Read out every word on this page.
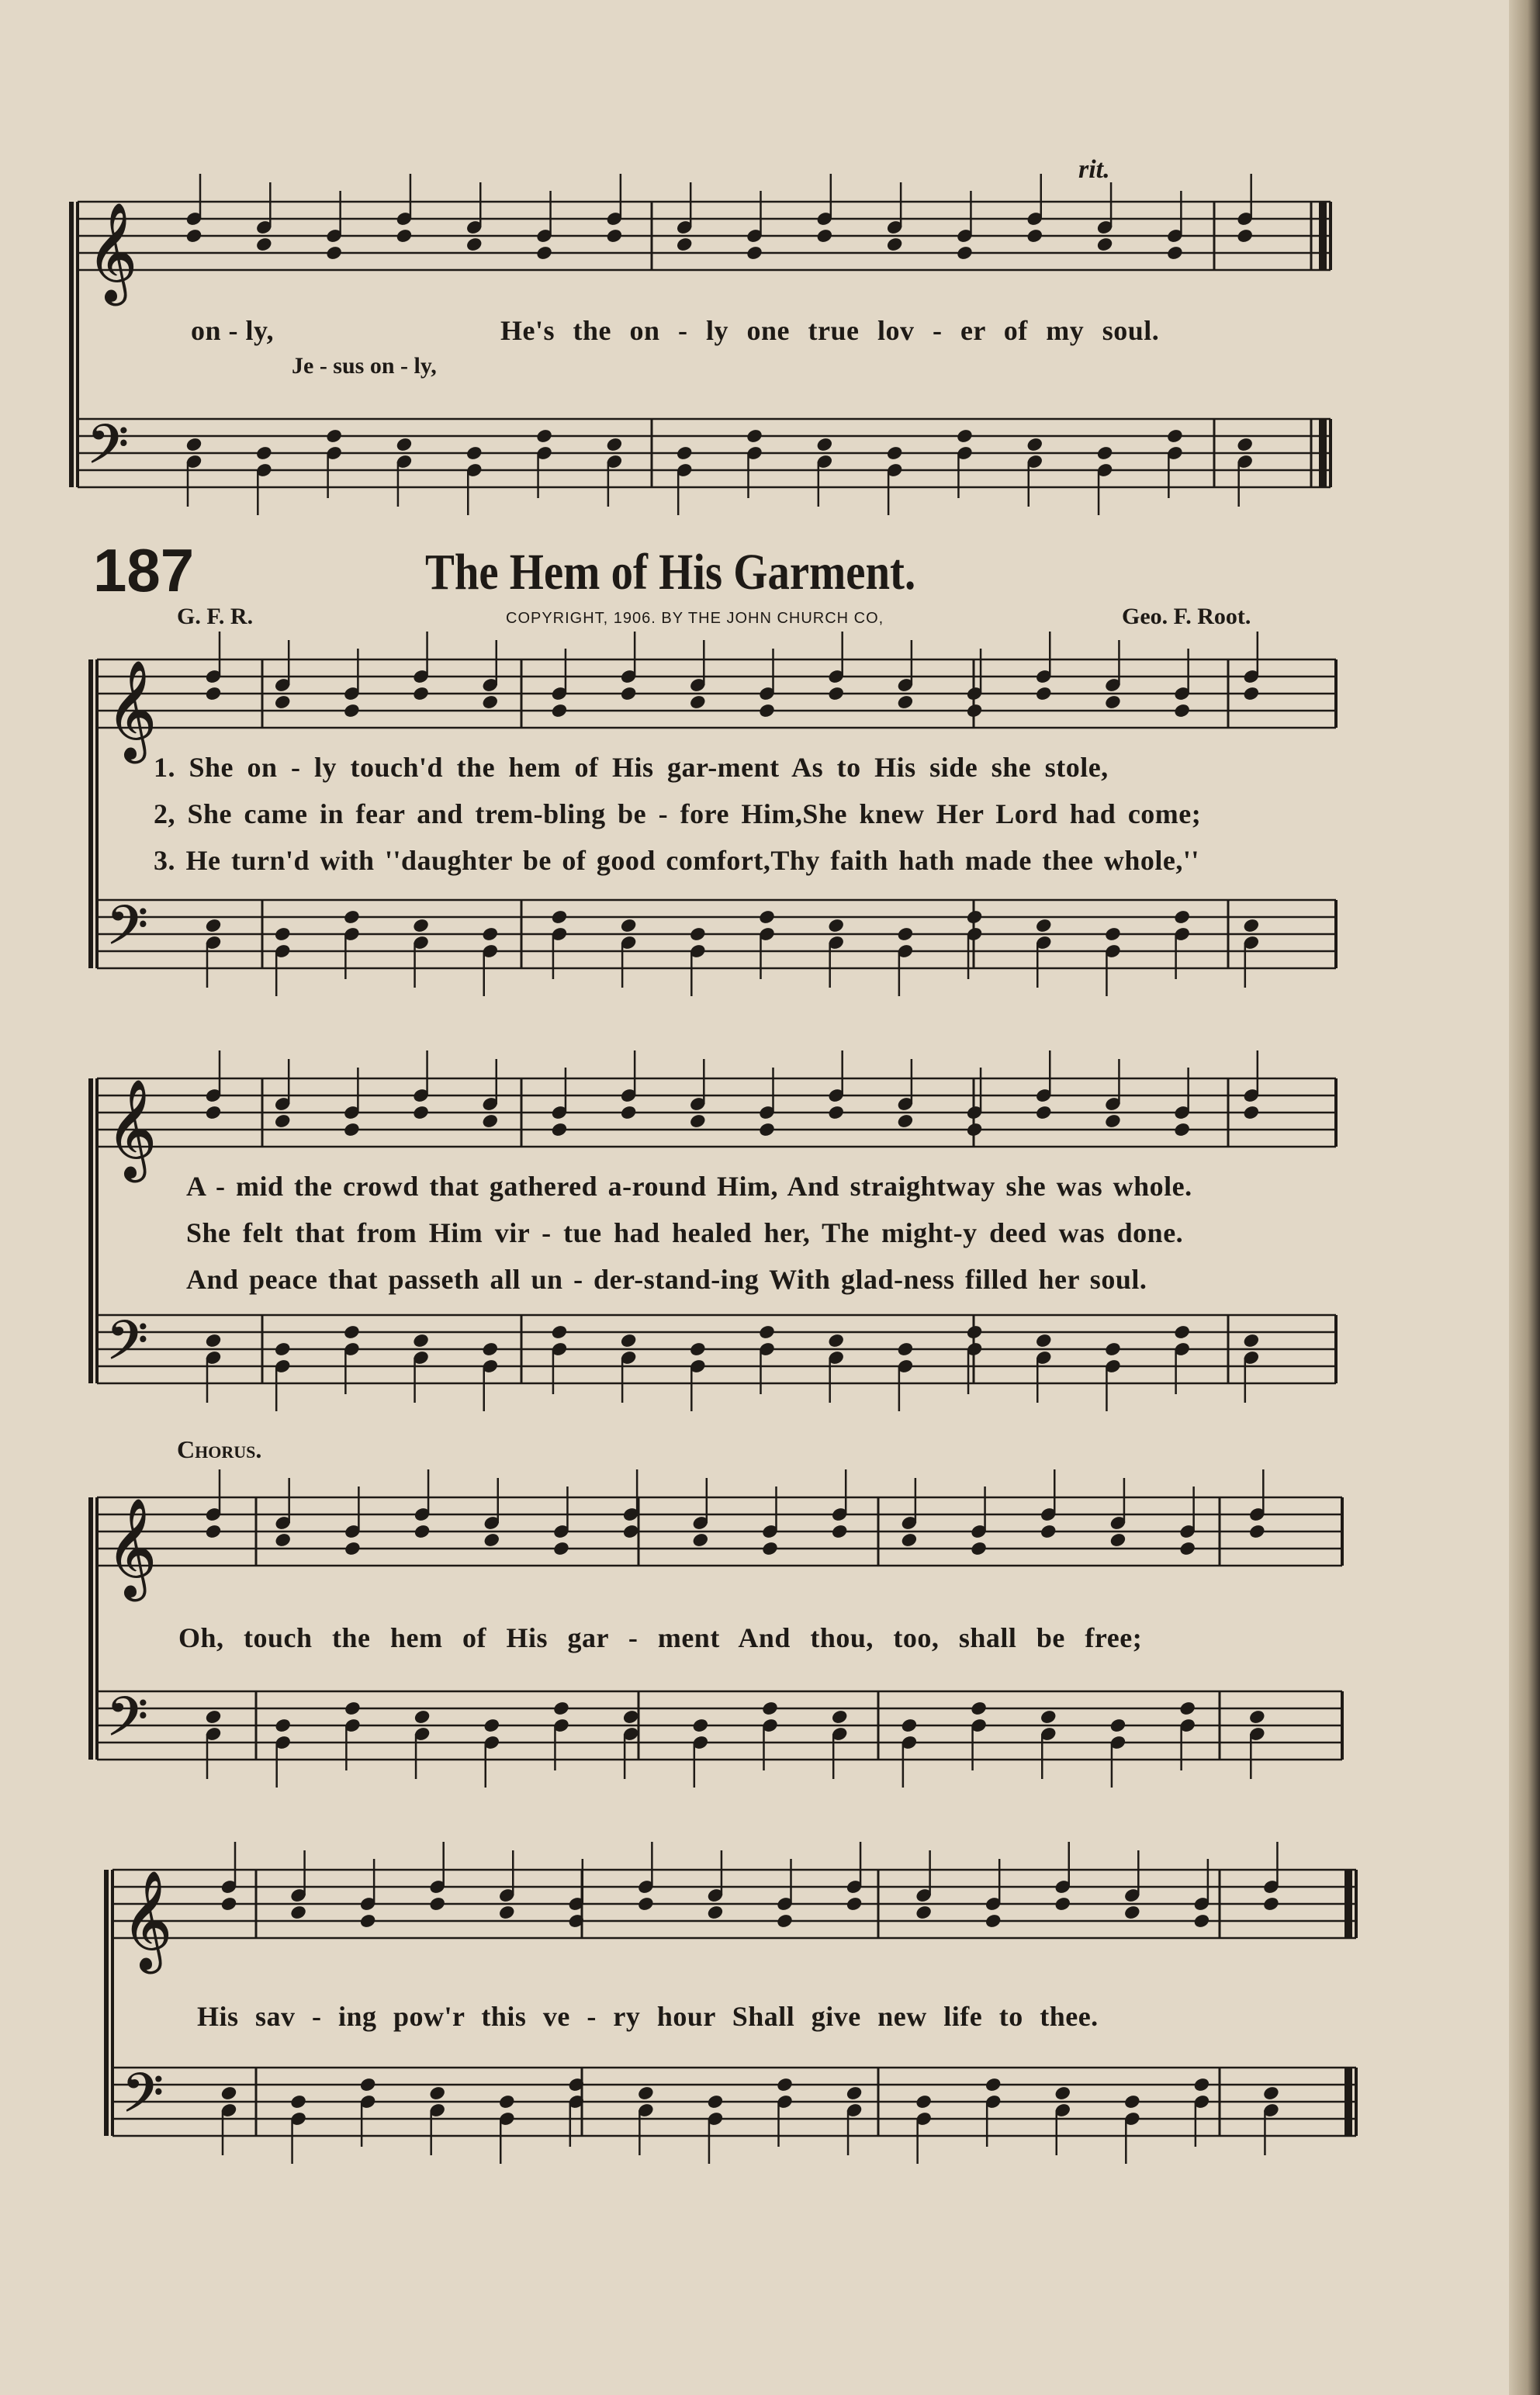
𝄞
𝄢
𝄞
𝄢
𝄞
𝄢
𝄞
𝄢
𝄞
𝄢
on - ly,	He's the on - ly one true lov - er of my soul.
Je - sus on - ly,
rit.
187	The Hem of His Garment.
G. F. R.	COPYRIGHT, 1906. BY THE JOHN CHURCH CO,	Geo. F. Root.
1. She on - ly touch'd the hem of His gar-ment As to His side she stole,
2, She came in fear and trem-bling be - fore Him,She knew Her Lord had come;
3. He turn'd with ''daughter be of good comfort,Thy faith hath made thee whole,''
A - mid the crowd that gathered a-round Him, And straightway she was whole.
She felt that from Him vir - tue had healed her, The might-y deed was done.
And peace that passeth all un - der-stand-ing With glad-ness filled her soul.
Chorus.
Oh, touch the hem of His gar - ment And thou, too, shall be free;
His sav - ing pow'r this ve - ry hour Shall give new life to thee.
